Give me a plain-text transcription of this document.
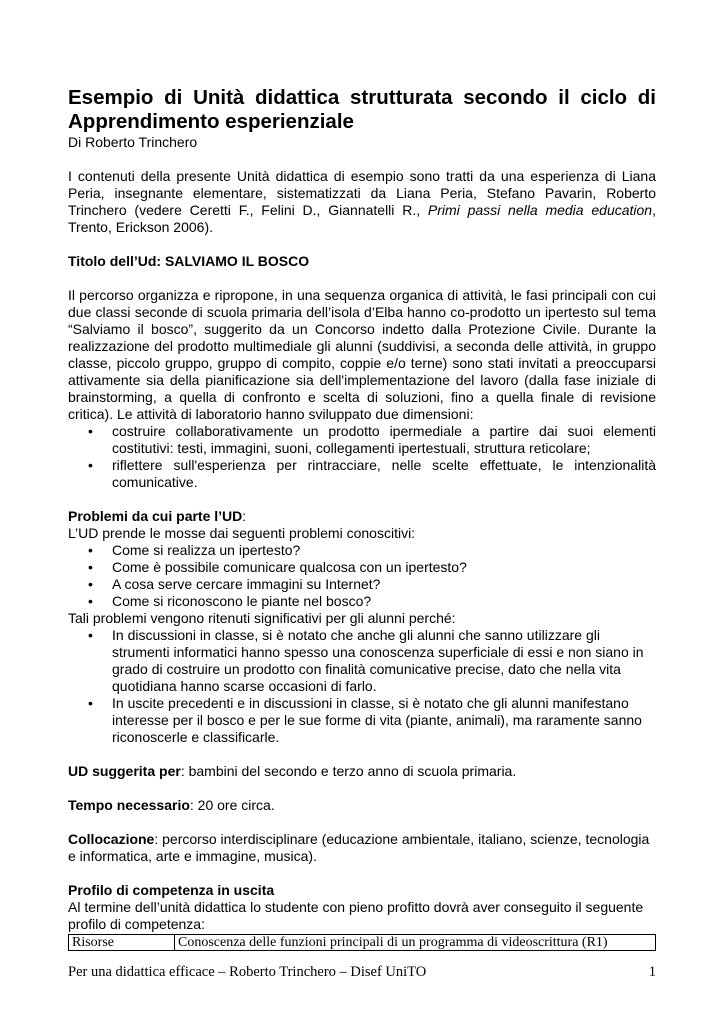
Esempio di Unità didattica strutturata secondo il ciclo di
Apprendimento esperienziale

Di Roberto Trinchero

I contenuti della presente Unità didattica di esempio sono tratti da una esperienza di Liana Peria, insegnante elementare, sistematizzati da Liana Peria, Stefano Pavarin, Roberto Trinchero (vedere Ceretti F., Felini D., Giannatelli R., Primi passi nella media education, Trento, Erickson 2006).

Titolo dell’Ud: SALVIAMO IL BOSCO

Il percorso organizza e ripropone, in una sequenza organica di attività, le fasi principali con cui due classi seconde di scuola primaria dell’isola d’Elba hanno co-prodotto un ipertesto sul tema “Salviamo il bosco”, suggerito da un Concorso indetto dalla Protezione Civile. Durante la realizzazione del prodotto multimediale gli alunni (suddivisi, a seconda delle attività, in gruppo classe, piccolo gruppo, gruppo di compito, coppie e/o terne) sono stati invitati a preoccuparsi attivamente sia della pianificazione sia dell'implementazione del lavoro (dalla fase iniziale di brainstorming, a quella di confronto e scelta di soluzioni, fino a quella finale di revisione critica). Le attività di laboratorio hanno sviluppato due dimensioni:

• costruire collaborativamente un prodotto ipermediale a partire dai suoi elementi costitutivi: testi, immagini, suoni, collegamenti ipertestuali, struttura reticolare;
• riflettere sull'esperienza per rintracciare, nelle scelte effettuate, le intenzionalità comunicative.

Problemi da cui parte l’UD:

L’UD prende le mosse dai seguenti problemi conoscitivi:

• Come si realizza un ipertesto?
• Come è possibile comunicare qualcosa con un ipertesto?
• A cosa serve cercare immagini su Internet?
• Come si riconoscono le piante nel bosco?

Tali problemi vengono ritenuti significativi per gli alunni perché:

• In discussioni in classe, si è notato che anche gli alunni che sanno utilizzare gli strumenti informatici hanno spesso una conoscenza superficiale di essi e non siano in grado di costruire un prodotto con finalità comunicative precise, dato che nella vita quotidiana hanno scarse occasioni di farlo.
• In uscite precedenti e in discussioni in classe, si è notato che gli alunni manifestano interesse per il bosco e per le sue forme di vita (piante, animali), ma raramente sanno riconoscerle e classificarle.

UD suggerita per: bambini del secondo e terzo anno di scuola primaria.

Tempo necessario: 20 ore circa.

Collocazione: percorso interdisciplinare (educazione ambientale, italiano, scienze, tecnologia e informatica, arte e immagine, musica).

Profilo di competenza in uscita

Al termine dell’unità didattica lo studente con pieno profitto dovrà aver conseguito il seguente profilo di competenza:

Risorse	Conoscenza delle funzioni principali di un programma di videoscrittura (R1)
Per una didattica efficace – Roberto Trinchero – Disef UniTO	1
